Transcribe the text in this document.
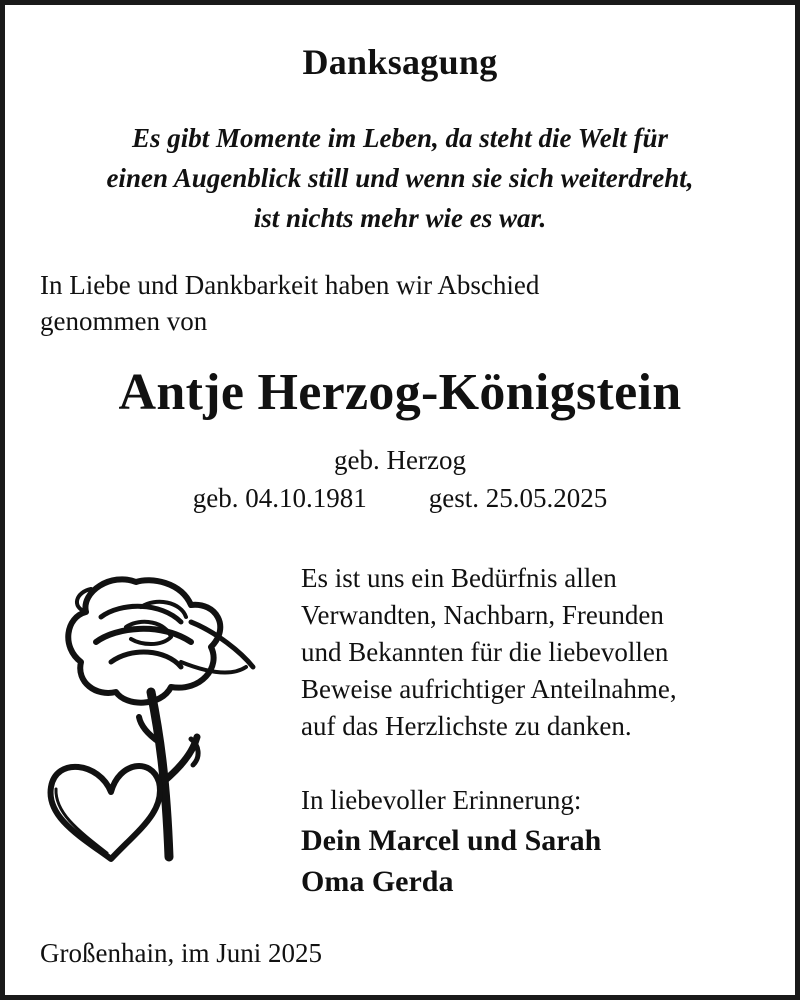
Danksagung
Es gibt Momente im Leben, da steht die Welt für
einen Augenblick still und wenn sie sich weiterdreht,
ist nichts mehr wie es war.
In Liebe und Dankbarkeit haben wir Abschied
genommen von
Antje Herzog-Königstein
geb. Herzog
geb. 04.10.1981 gest. 25.05.2025
Es ist uns ein Bedürfnis allen
Verwandten, Nachbarn, Freunden
und Bekannten für die liebevollen
Beweise aufrichtiger Anteilnahme,
auf das Herzlichste zu danken.
In liebevoller Erinnerung:
Dein Marcel und Sarah
Oma Gerda
Großenhain, im Juni 2025
